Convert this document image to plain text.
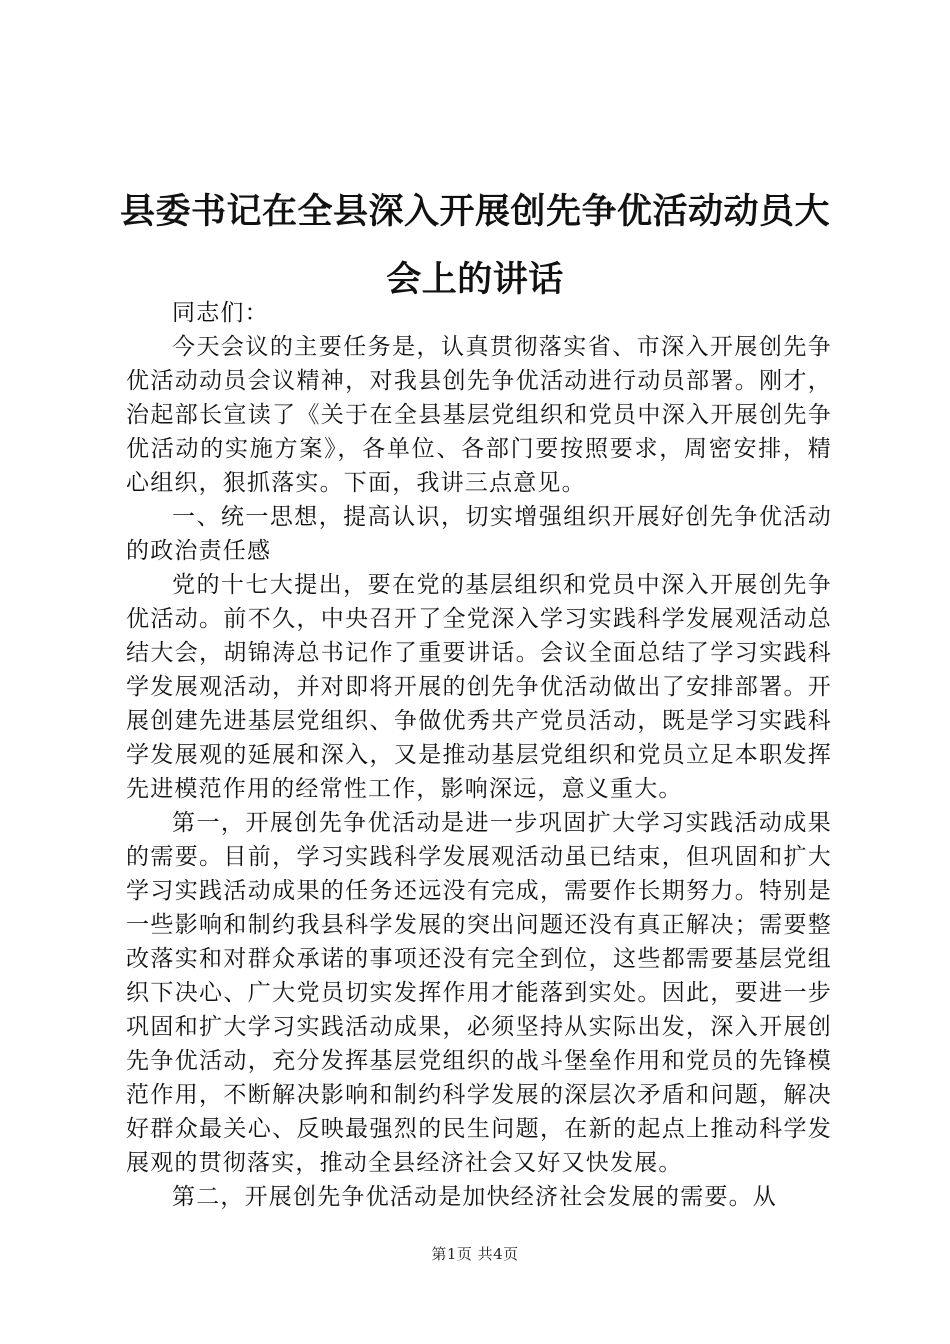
县委书记在全县深入开展创先争优活动动员大会上的讲话

同志们：

今天会议的主要任务是，认真贯彻落实省、市深入开展创先争优活动动员会议精神，对我县创先争优活动进行动员部署。刚才，治起部长宣读了《关于在全县基层党组织和党员中深入开展创先争优活动的实施方案》，各单位、各部门要按照要求，周密安排，精心组织，狠抓落实。下面，我讲三点意见。

一、统一思想，提高认识，切实增强组织开展好创先争优活动的政治责任感

党的十七大提出，要在党的基层组织和党员中深入开展创先争优活动。前不久，中央召开了全党深入学习实践科学发展观活动总结大会，胡锦涛总书记作了重要讲话。会议全面总结了学习实践科学发展观活动，并对即将开展的创先争优活动做出了安排部署。开展创建先进基层党组织、争做优秀共产党员活动，既是学习实践科学发展观的延展和深入，又是推动基层党组织和党员立足本职发挥先进模范作用的经常性工作，影响深远，意义重大。

第一，开展创先争优活动是进一步巩固扩大学习实践活动成果的需要。目前，学习实践科学发展观活动虽已结束，但巩固和扩大学习实践活动成果的任务还远没有完成，需要作长期努力。特别是一些影响和制约我县科学发展的突出问题还没有真正解决；需要整改落实和对群众承诺的事项还没有完全到位，这些都需要基层党组织下决心、广大党员切实发挥作用才能落到实处。因此，要进一步巩固和扩大学习实践活动成果，必须坚持从实际出发，深入开展创先争优活动，充分发挥基层党组织的战斗堡垒作用和党员的先锋模范作用，不断解决影响和制约科学发展的深层次矛盾和问题，解决好群众最关心、反映最强烈的民生问题，在新的起点上推动科学发展观的贯彻落实，推动全县经济社会又好又快发展。

第二，开展创先争优活动是加快经济社会发展的需要。从

第1页 共4页
